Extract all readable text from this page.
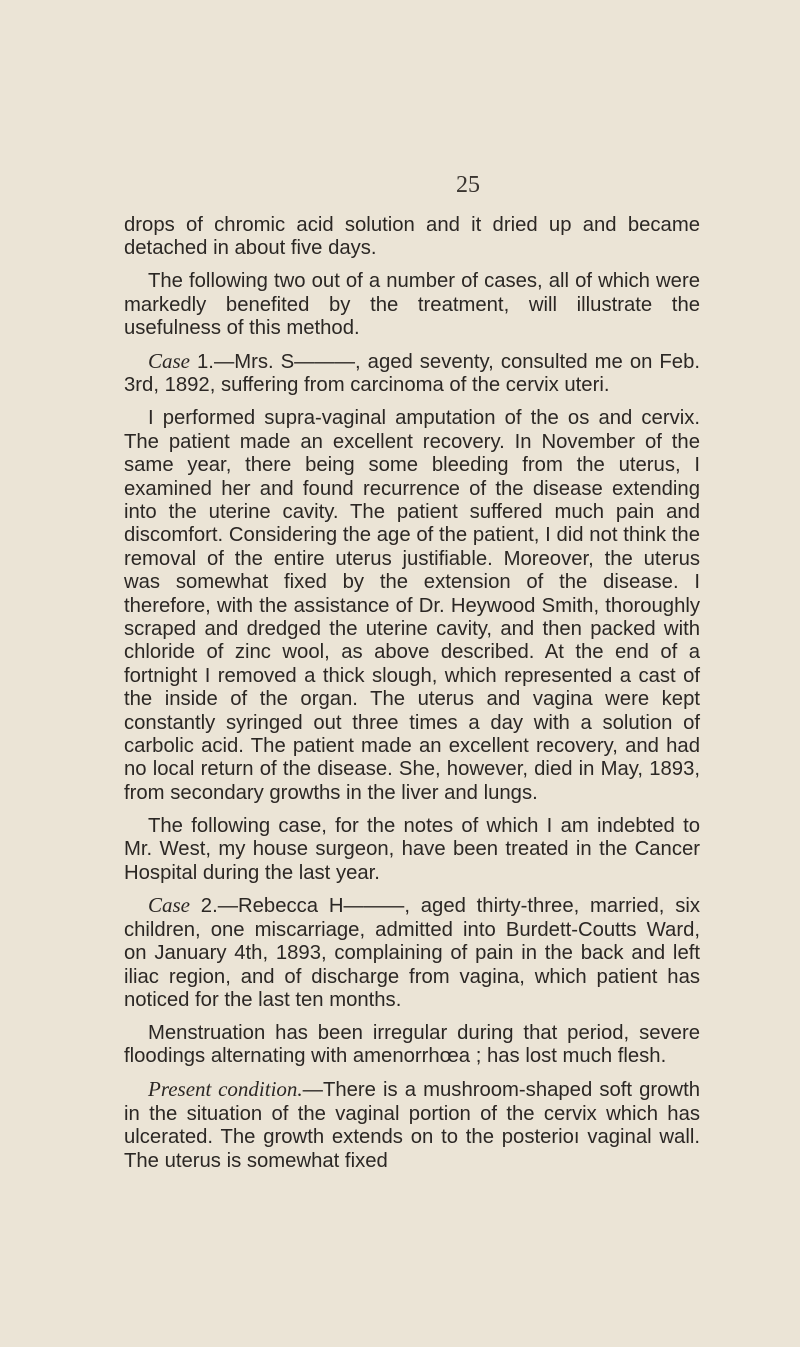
25

drops of chromic acid solution and it dried up and became detached in about five days.

The following two out of a number of cases, all of which were markedly benefited by the treatment, will illustrate the usefulness of this method.

Case 1.—Mrs. S———, aged seventy, consulted me on Feb. 3rd, 1892, suffering from carcinoma of the cervix uteri.

I performed supra-vaginal amputation of the os and cervix. The patient made an excellent recovery. In November of the same year, there being some bleeding from the uterus, I examined her and found recurrence of the disease extending into the uterine cavity. The patient suffered much pain and discomfort. Considering the age of the patient, I did not think the removal of the entire uterus justifiable. Moreover, the uterus was somewhat fixed by the extension of the disease. I therefore, with the assistance of Dr. Heywood Smith, thoroughly scraped and dredged the uterine cavity, and then packed with chloride of zinc wool, as above described. At the end of a fortnight I removed a thick slough, which represented a cast of the inside of the organ. The uterus and vagina were kept constantly syringed out three times a day with a solution of carbolic acid. The patient made an excellent recovery, and had no local return of the disease. She, however, died in May, 1893, from secondary growths in the liver and lungs.

The following case, for the notes of which I am indebted to Mr. West, my house surgeon, have been treated in the Cancer Hospital during the last year.

Case 2.—Rebecca H———, aged thirty-three, married, six children, one miscarriage, admitted into Burdett-Coutts Ward, on January 4th, 1893, complaining of pain in the back and left iliac region, and of discharge from vagina, which patient has noticed for the last ten months.

Menstruation has been irregular during that period, severe floodings alternating with amenorrhœa ; has lost much flesh.

Present condition.—There is a mushroom-shaped soft growth in the situation of the vaginal portion of the cervix which has ulcerated. The growth extends on to the posterioı vaginal wall. The uterus is somewhat fixed
